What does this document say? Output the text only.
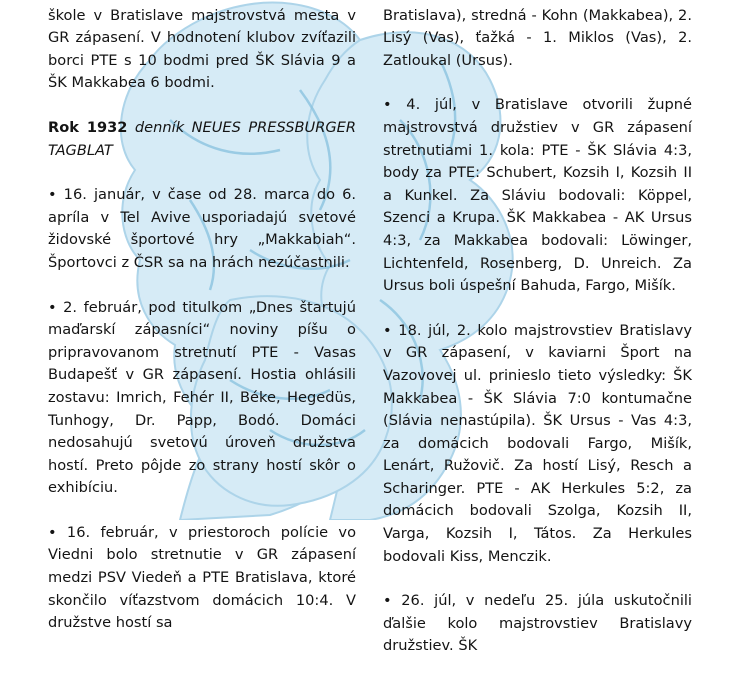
škole v Bratislave majstrovstvá mesta v GR zápasení. V hodnotení klubov zvíťazili borci PTE s 10 bodmi pred ŠK Slávia 9 a ŠK Makkabea 6 bodmi.

Rok 1932 denník NEUES PRESSBURGER TAGBLAT

• 16. január, v čase od 28. marca do 6. apríla v Tel Avive usporiadajú svetové židovské športové hry „Makkabiah“. Športovci z ČSR sa na hrách nezúčastnili.

• 2. február, pod titulkom „Dnes štartujú maďarskí zápasníci“ noviny píšu o pripravovanom stretnutí PTE - Vasas Budapešť v GR zápasení. Hostia ohlásili zostavu: Imrich, Fehér II, Béke, Hegedüs, Tunhogy, Dr. Papp, Bodó. Domáci nedosahujú svetovú úroveň družstva hostí. Preto pôjde zo strany hostí skôr o exhibíciu.

• 16. február, v priestoroch polície vo Viedni bolo stretnutie v GR zápasení medzi PSV Viedeň a PTE Bratislava, ktoré skončilo víťazstvom domácich 10:4. V družstve hostí sa

Bratislava), stredná - Kohn (Makkabea), 2. Lisý (Vas), ťažká - 1. Miklos (Vas), 2. Zatloukal (Ursus).

• 4. júl, v Bratislave otvorili župné majstrovstvá družstiev v GR zápasení stretnutiami 1. kola: PTE - ŠK Slávia 4:3, body za PTE: Schubert, Kozsih I, Kozsih II a Kunkel. Za Sláviu bodovali: Köppel, Szenci a Krupa. ŠK Makkabea - AK Ursus 4:3, za Makkabea bodovali: Löwinger, Lichtenfeld, Rosenberg, D. Unreich. Za Ursus boli úspešní Bahuda, Fargo, Mišík.

• 18. júl, 2. kolo majstrovstiev Bratislavy v GR zápasení, v kaviarni Šport na Vazovovej ul. prinieslo tieto výsledky: ŠK Makkabea - ŠK Slávia 7:0 kontumačne (Slávia nenastúpila). ŠK Ursus - Vas 4:3, za domácich bodovali Fargo, Mišík, Lenárt, Ružovič. Za hostí Lisý, Resch a Scharinger. PTE - AK Herkules 5:2, za domácich bodovali Szolga, Kozsih II, Varga, Kozsih I, Tátos. Za Herkules bodovali Kiss, Menczik.

• 26. júl, v nedeľu 25. júla uskutočnili ďalšie kolo majstrovstiev Bratislavy družstiev. ŠK
